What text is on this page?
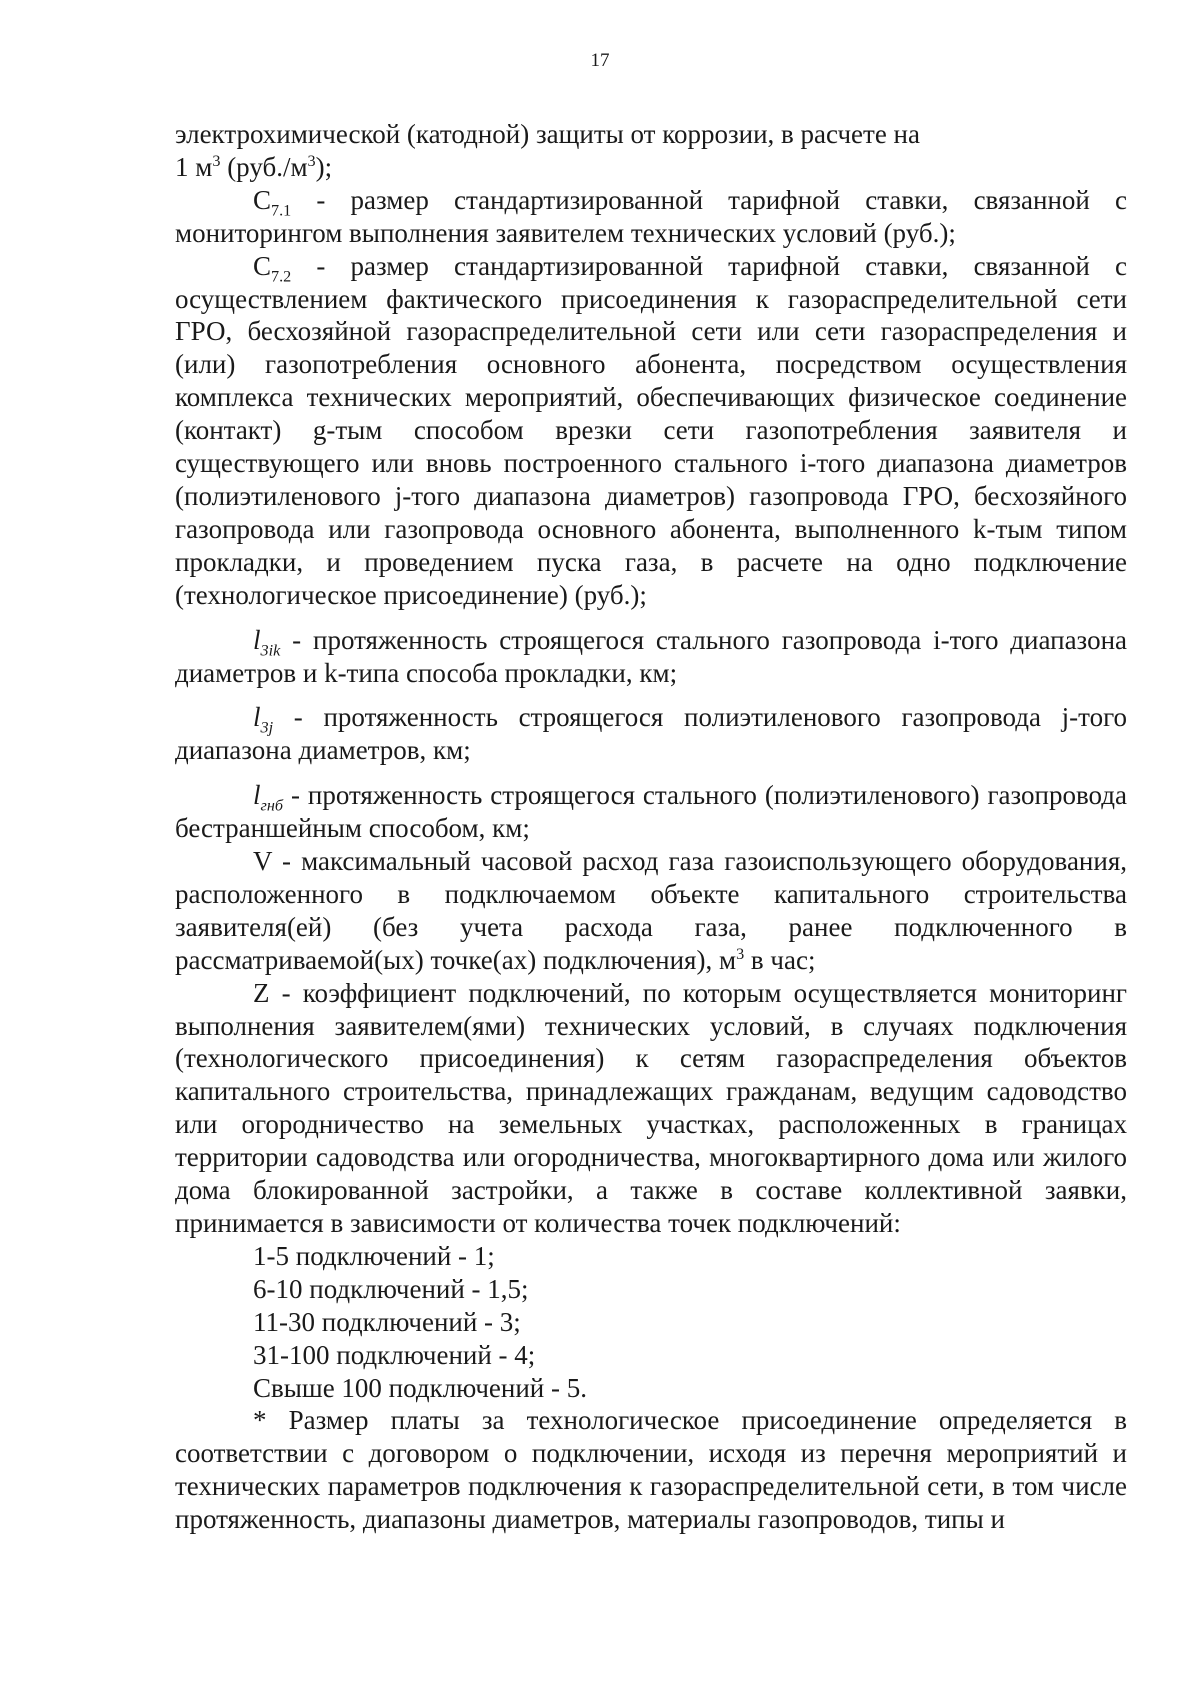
17

электрохимической (катодной) защиты от коррозии, в расчете на
1 $м^3$ $(руб./м^3)$;

$С_{7.1}$ - размер стандартизированной тарифной ставки, связанной с мониторингом выполнения заявителем технических условий (руб.);

$С_{7.2}$ - размер стандартизированной тарифной ставки, связанной с осуществлением фактического присоединения к газораспределительной сети ГРО, бесхозяйной газораспределительной сети или сети газораспределения и (или) газопотребления основного абонента, посредством осуществления комплекса технических мероприятий, обеспечивающих физическое соединение (контакт) g-тым способом врезки сети газопотребления заявителя и существующего или вновь построенного стального i-того диапазона диаметров (полиэтиленового j-того диапазона диаметров) газопровода ГРО, бесхозяйного газопровода или газопровода основного абонента, выполненного k-тым типом прокладки, и проведением пуска газа, в расчете на одно подключение (технологическое присоединение) (руб.);

$l_{3ik}$ - протяженность строящегося стального газопровода i-того диапазона диаметров и k-типа способа прокладки, км;

$l_{3j}$ - протяженность строящегося полиэтиленового газопровода j-того диапазона диаметров, км;

$l_{гнб}$ - протяженность строящегося стального (полиэтиленового) газопровода бестраншейным способом, км;

V - максимальный часовой расход газа газоиспользующего оборудования, расположенного в подключаемом объекте капитального строительства заявителя(ей) (без учета расхода газа, ранее подключенного в рассматриваемой(ых) точке(ах) подключения), $м^3$ в час;

Z - коэффициент подключений, по которым осуществляется мониторинг выполнения заявителем(ями) технических условий, в случаях подключения (технологического присоединения) к сетям газораспределения объектов капитального строительства, принадлежащих гражданам, ведущим садоводство или огородничество на земельных участках, расположенных в границах территории садоводства или огородничества, многоквартирного дома или жилого дома блокированной застройки, а также в составе коллективной заявки, принимается в зависимости от количества точек подключений:

1-5 подключений - 1;

6-10 подключений - 1,5;

11-30 подключений - 3;

31-100 подключений - 4;

Свыше 100 подключений - 5.

* Размер платы за технологическое присоединение определяется в соответствии с договором о подключении, исходя из перечня мероприятий и технических параметров подключения к газораспределительной сети, в том числе протяженность, диапазоны диаметров, материалы газопроводов, типы и
